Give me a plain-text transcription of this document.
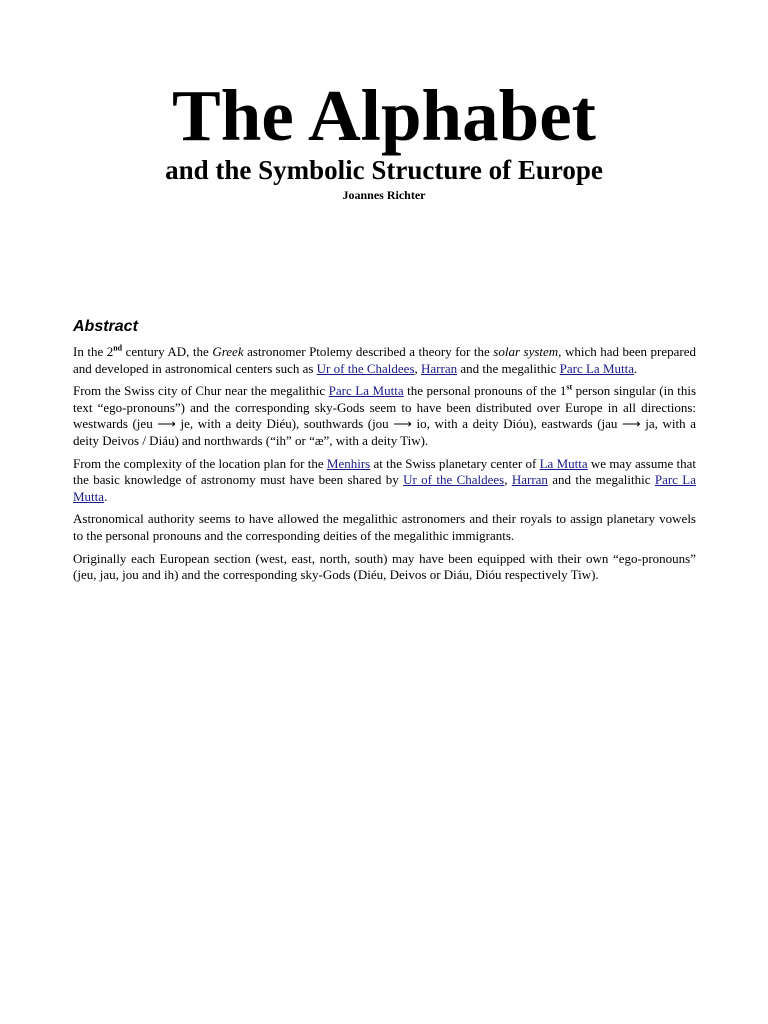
The Alphabet
and the Symbolic Structure of Europe
Joannes Richter
Abstract

In the 2nd century AD, the Greek astronomer Ptolemy described a theory for the solar system, which had been prepared and developed in astronomical centers such as Ur of the Chaldees, Harran and the megalithic Parc La Mutta.

From the Swiss city of Chur near the megalithic Parc La Mutta the personal pronouns of the 1st person singular (in this text “ego-pronouns”) and the corresponding sky-Gods seem to have been distributed over Europe in all directions: westwards (jeu ⟶ je, with a deity Diéu), southwards (jou ⟶ io, with a deity Dióu), eastwards (jau ⟶ ja, with a deity Deivos / Diáu) and northwards (“ih” or “æ”, with a deity Tiw).

From the complexity of the location plan for the Menhirs at the Swiss planetary center of La Mutta we may assume that the basic knowledge of astronomy must have been shared by Ur of the Chaldees, Harran and the megalithic Parc La Mutta.

Astronomical authority seems to have allowed the megalithic astronomers and their royals to assign planetary vowels to the personal pronouns and the corresponding deities of the megalithic immigrants.

Originally each European section (west, east, north, south) may have been equipped with their own “ego-pronouns” (jeu, jau, jou and ih) and the corresponding sky-Gods (Diéu, Deivos or Diáu, Dióu respectively Tiw).
